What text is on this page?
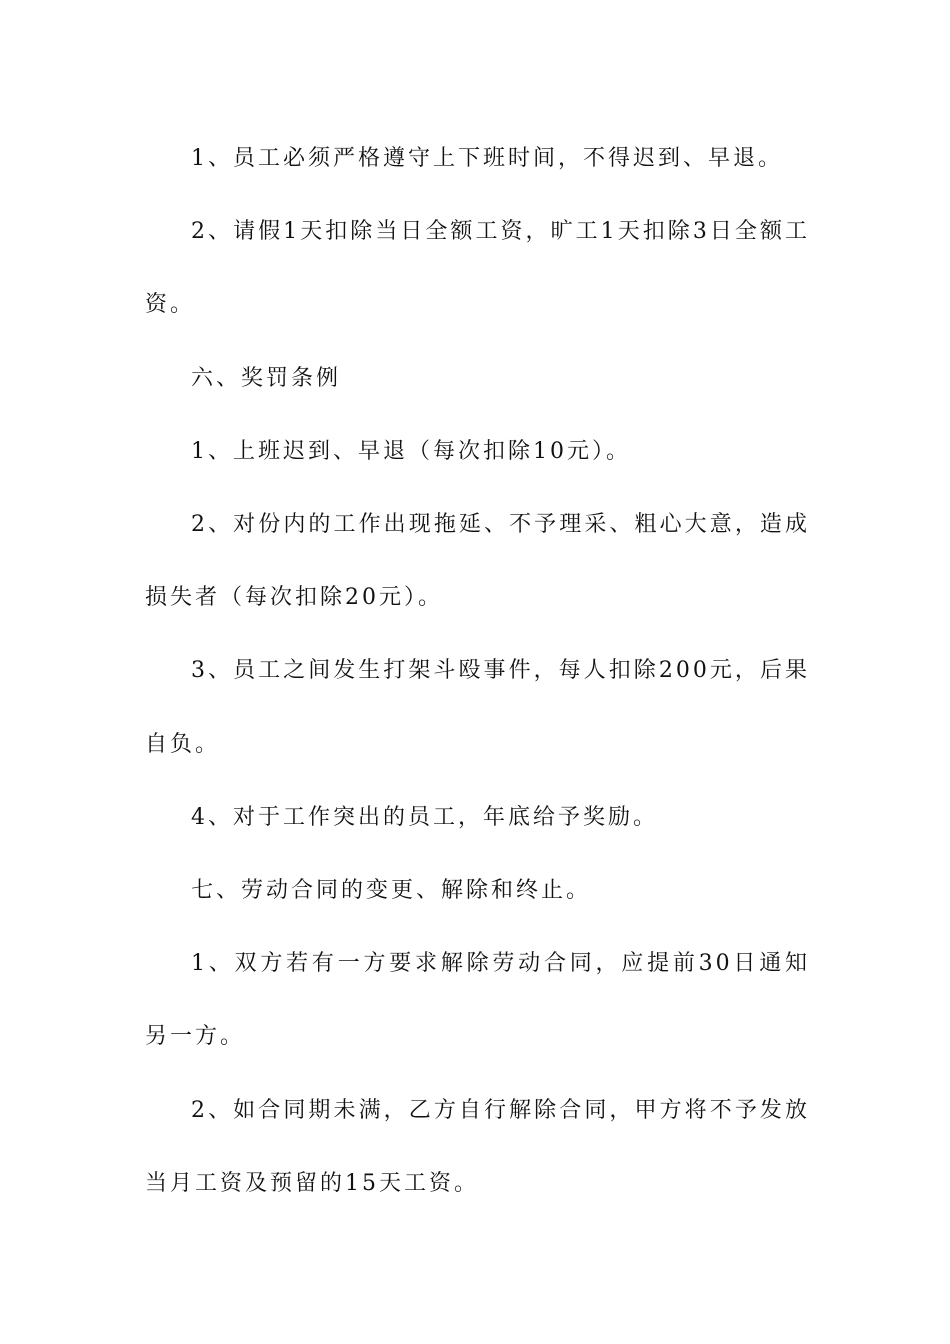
1、员工必须严格遵守上下班时间，不得迟到、早退。

2、请假1天扣除当日全额工资，旷工1天扣除3日全额工资。

六、奖罚条例

1、上班迟到、早退（每次扣除10元）。

2、对份内的工作出现拖延、不予理采、粗心大意，造成损失者（每次扣除20元）。

3、员工之间发生打架斗殴事件，每人扣除200元，后果自负。

4、对于工作突出的员工，年底给予奖励。

七、劳动合同的变更、解除和终止。

1、双方若有一方要求解除劳动合同，应提前30日通知另一方。

2、如合同期未满，乙方自行解除合同，甲方将不予发放当月工资及预留的15天工资。
